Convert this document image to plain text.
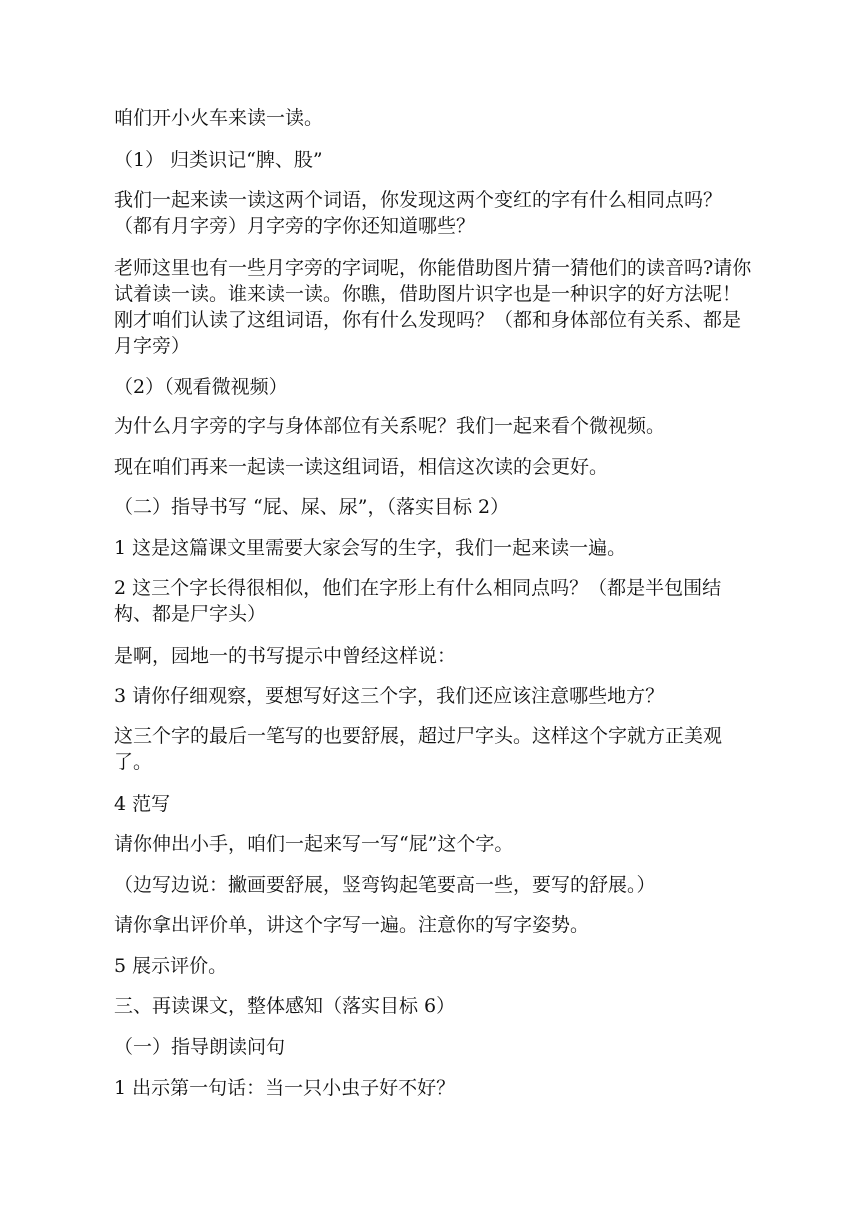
咱们开小火车来读一读。

（1） 归类识记“脾、股”

我们一起来读一读这两个词语，你发现这两个变红的字有什么相同点吗？（都有月字旁）月字旁的字你还知道哪些？

老师这里也有一些月字旁的字词呢，你能借助图片猜一猜他们的读音吗?请你试着读一读。谁来读一读。你瞧，借助图片识字也是一种识字的好方法呢！刚才咱们认读了这组词语，你有什么发现吗？（都和身体部位有关系、都是月字旁）

（2）（观看微视频）

为什么月字旁的字与身体部位有关系呢？我们一起来看个微视频。

现在咱们再来一起读一读这组词语，相信这次读的会更好。

（二）指导书写 “屁、屎、尿”，（落实目标 2）

1 这是这篇课文里需要大家会写的生字，我们一起来读一遍。

2 这三个字长得很相似，他们在字形上有什么相同点吗？（都是半包围结构、都是尸字头）

是啊，园地一的书写提示中曾经这样说：

3 请你仔细观察，要想写好这三个字，我们还应该注意哪些地方？

这三个字的最后一笔写的也要舒展，超过尸字头。这样这个字就方正美观了。

4 范写

请你伸出小手，咱们一起来写一写“屁”这个字。

（边写边说：撇画要舒展，竖弯钩起笔要高一些，要写的舒展。）

请你拿出评价单，讲这个字写一遍。注意你的写字姿势。

5 展示评价。

三、再读课文，整体感知（落实目标 6）

（一）指导朗读问句

1 出示第一句话：当一只小虫子好不好？
